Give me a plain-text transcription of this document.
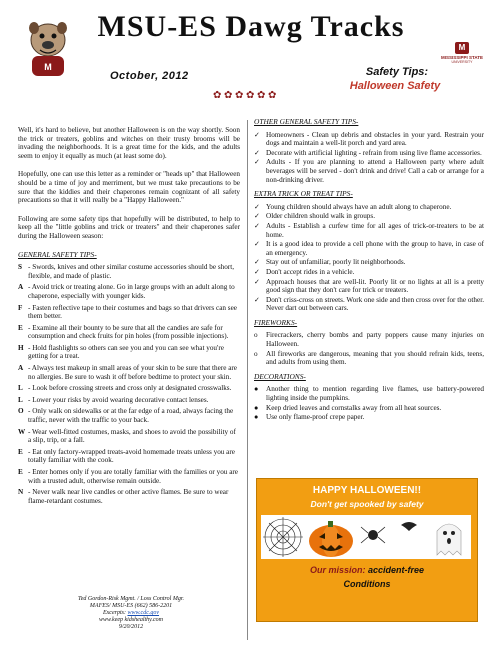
M
MSU-ES Dawg Tracks
M
MISSISSIPPI STATE
UNIVERSITY
October, 2012	Safety Tips:
Halloween Safety
✿ ✿ ✿ ✿ ✿ ✿

Well, it's hard to believe, but another Halloween is on the way shortly. Soon the trick or treaters, goblins and witches on their trusty brooms will be invading the neighborhoods. It is a great time for the kids, and the adults seem to enjoy it equally as much (at least some do).

Hopefully, one can use this letter as a reminder or "heads up" that Halloween should be a time of joy and merriment, but we must take precautions to be sure that the kiddies and their chaperones remain cognizant of all safety precautions so that it will really be a "Happy Halloween."

Following are some safety tips that hopefully will be distributed, to help to keep all the "little goblins and trick or treaters" and their chaperones safer during the Halloween season:

GENERAL SAFETY TIPS-
S - Swords, knives and other similar costume accessories should be short, flexible, and made of plastic.
A - Avoid trick or treating alone. Go in large groups with an adult along to chaperone, especially with younger kids.
F - Fasten reflective tape to their costumes and bags so that drivers can see them better.
E - Examine all their bounty to be sure that all the candies are safe for consumption and check fruits for pin holes (from possible injections).
H - Hold flashlights so others can see you and you can see what you're getting for a treat.
A - Always test makeup in small areas of your skin to be sure that there are no allergies. Be sure to wash it off before bedtime to protect your skin.
L - Look before crossing streets and cross only at designated crosswalks.
L - Lower your risks by avoid wearing decorative contact lenses.
O - Only walk on sidewalks or at the far edge of a road, always facing the traffic, never with the traffic to your back.
W - Wear well-fitted costumes, masks, and shoes to avoid the possibility of a slip, trip, or a fall.
E - Eat only factory-wrapped treats-avoid homemade treats unless you are totally familiar with the cook.
E - Enter homes only if you are totally familiar with the families or you are with a trusted adult, otherwise remain outside.
N - Never walk near live candles or other active flames. Be sure to wear flame-retardant costumes.
Ted Gordon-Risk Mgmt. / Loss Control Mgr.
MAFES/ MSU-ES (662) 586-2201
Excerpts: www.cdc.gov
www.keep kidshealthy.com
9/20/2012
OTHER GENERAL SAFETY TIPS-
✓ Homeowners - Clean up debris and obstacles in your yard. Restrain your dogs and maintain a well-lit porch and yard area.
✓ Decorate with artificial lighting - refrain from using live flame accessories.
✓ Adults - If you are planning to attend a Halloween party where adult beverages will be served - don't drink and drive! Call a cab or arrange for a non-drinking driver.
EXTRA TRICK OR TREAT TIPS-
✓ Young children should always have an adult along to chaperone.
✓ Older children should walk in groups.
✓ Adults - Establish a curfew time for all ages of trick-or-treaters to be at home.
✓ It is a good idea to provide a cell phone with the group to have, in case of an emergency.
✓ Stay out of unfamiliar, poorly lit neighborhoods.
✓ Don't accept rides in a vehicle.
✓ Approach houses that are well-lit. Poorly lit or no lights at all is a pretty good sign that they don't care for trick or treaters.
✓ Don't criss-cross on streets. Work one side and then cross over for the other. Never dart out between cars.
FIREWORKS-
o	Firecrackers, cherry bombs and party poppers cause many injuries on Halloween.
o	All fireworks are dangerous, meaning that you should refrain kids, teens, and adults from using them.
DECORATIONS-
●	Another thing to mention regarding live flames, use battery-powered lighting inside the pumpkins.
●	Keep dried leaves and cornstalks away from all heat sources.
●	Use only flame-proof crepe paper.
HAPPY HALLOWEEN!!
Don't get spooked by safety
Our mission: accident-free
Conditions
